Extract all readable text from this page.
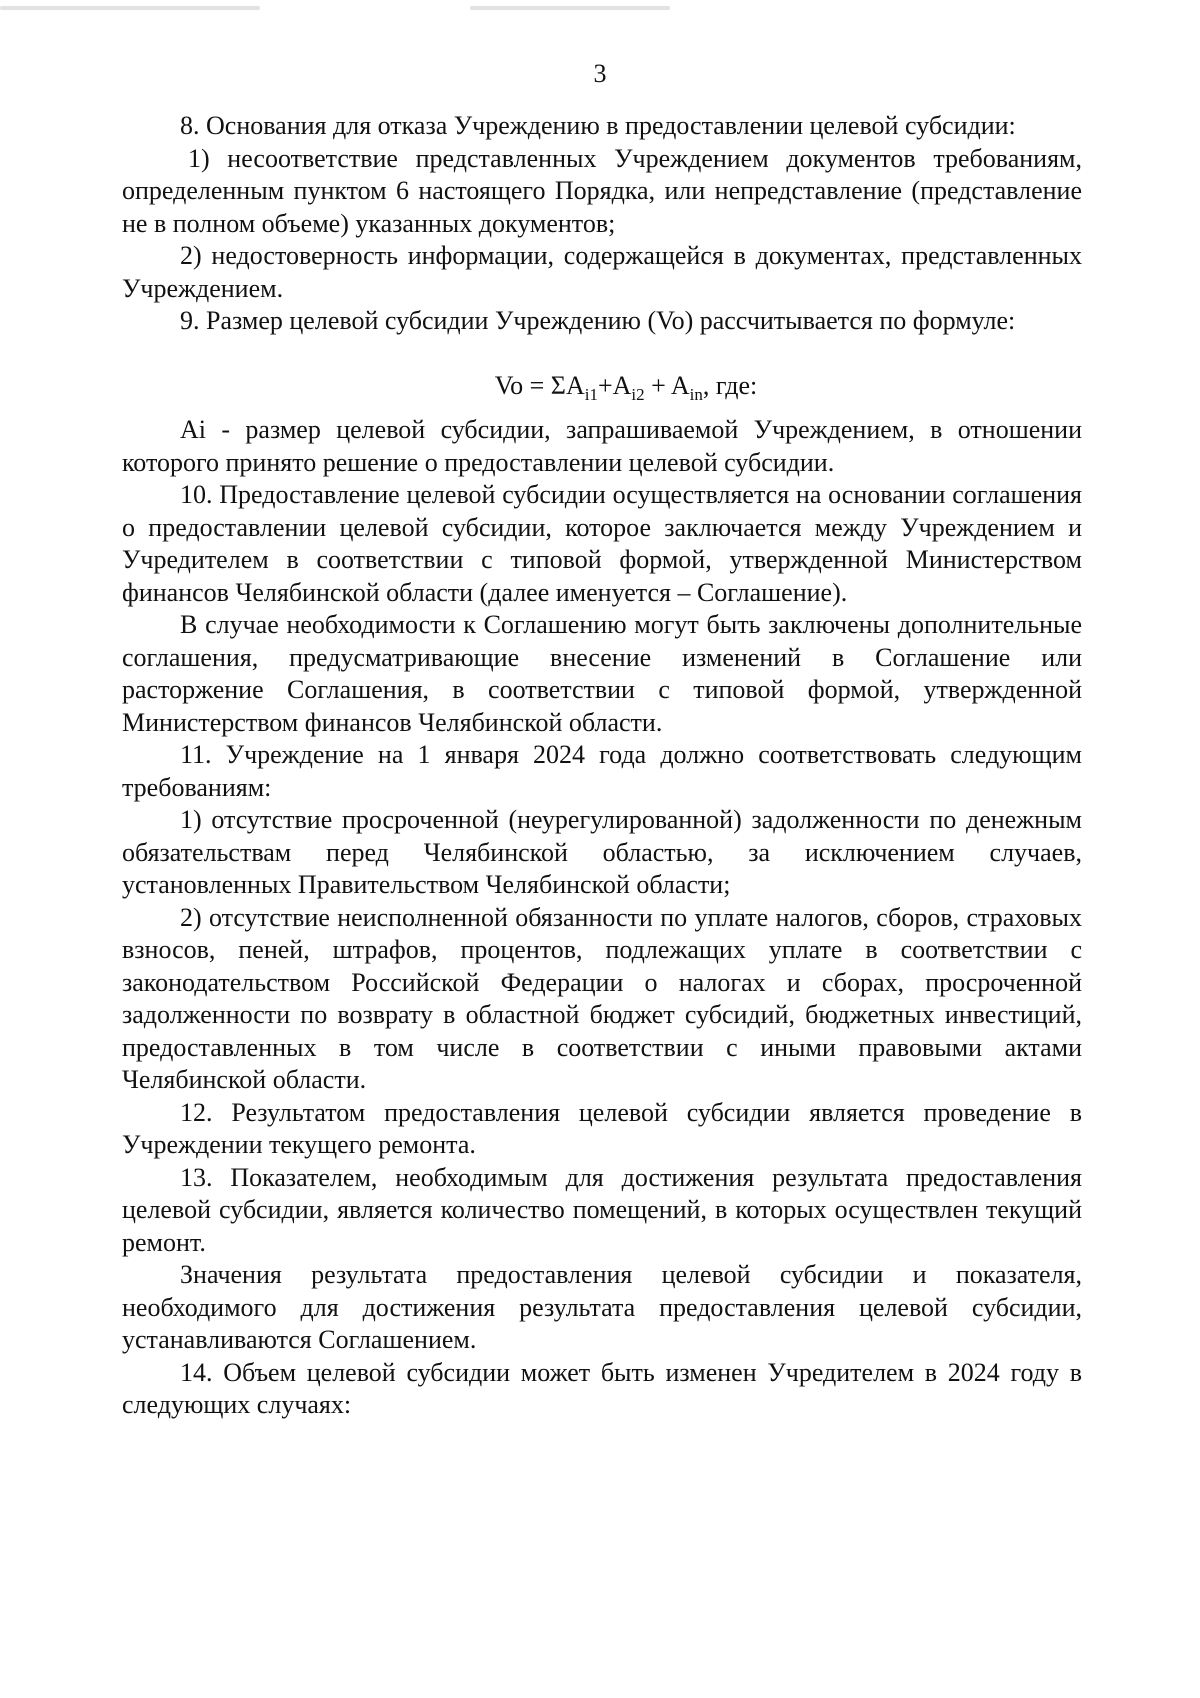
3

8. Основания для отказа Учреждению в предоставлении целевой субсидии:

1) несоответствие представленных Учреждением документов требованиям, определенным пунктом 6 настоящего Порядка, или непредставление (представление не в полном объеме) указанных документов;

2) недостоверность информации, содержащейся в документах, представленных Учреждением.

9. Размер целевой субсидии Учреждению (Vo) рассчитывается по формуле:

$Vo = \Sigma A_{i1}+A_{i2} + A_{in}$, где:

Ai - размер целевой субсидии, запрашиваемой Учреждением, в отношении которого принято решение о предоставлении целевой субсидии.

10. Предоставление целевой субсидии осуществляется на основании соглашения о предоставлении целевой субсидии, которое заключается между Учреждением и Учредителем в соответствии с типовой формой, утвержденной Министерством финансов Челябинской области (далее именуется – Соглашение).

В случае необходимости к Соглашению могут быть заключены дополнительные соглашения, предусматривающие внесение изменений в Соглашение или расторжение Соглашения, в соответствии с типовой формой, утвержденной Министерством финансов Челябинской области.

11. Учреждение на 1 января 2024 года должно соответствовать следующим требованиям:

1) отсутствие просроченной (неурегулированной) задолженности по денежным обязательствам перед Челябинской областью, за исключением случаев, установленных Правительством Челябинской области;

2) отсутствие неисполненной обязанности по уплате налогов, сборов, страховых взносов, пеней, штрафов, процентов, подлежащих уплате в соответствии с законодательством Российской Федерации о налогах и сборах, просроченной задолженности по возврату в областной бюджет субсидий, бюджетных инвестиций, предоставленных в том числе в соответствии с иными правовыми актами Челябинской области.

12. Результатом предоставления целевой субсидии является проведение в Учреждении текущего ремонта.

13. Показателем, необходимым для достижения результата предоставления целевой субсидии, является количество помещений, в которых осуществлен текущий ремонт.

Значения результата предоставления целевой субсидии и показателя, необходимого для достижения результата предоставления целевой субсидии, устанавливаются Соглашением.

14. Объем целевой субсидии может быть изменен Учредителем в 2024 году в следующих случаях:
